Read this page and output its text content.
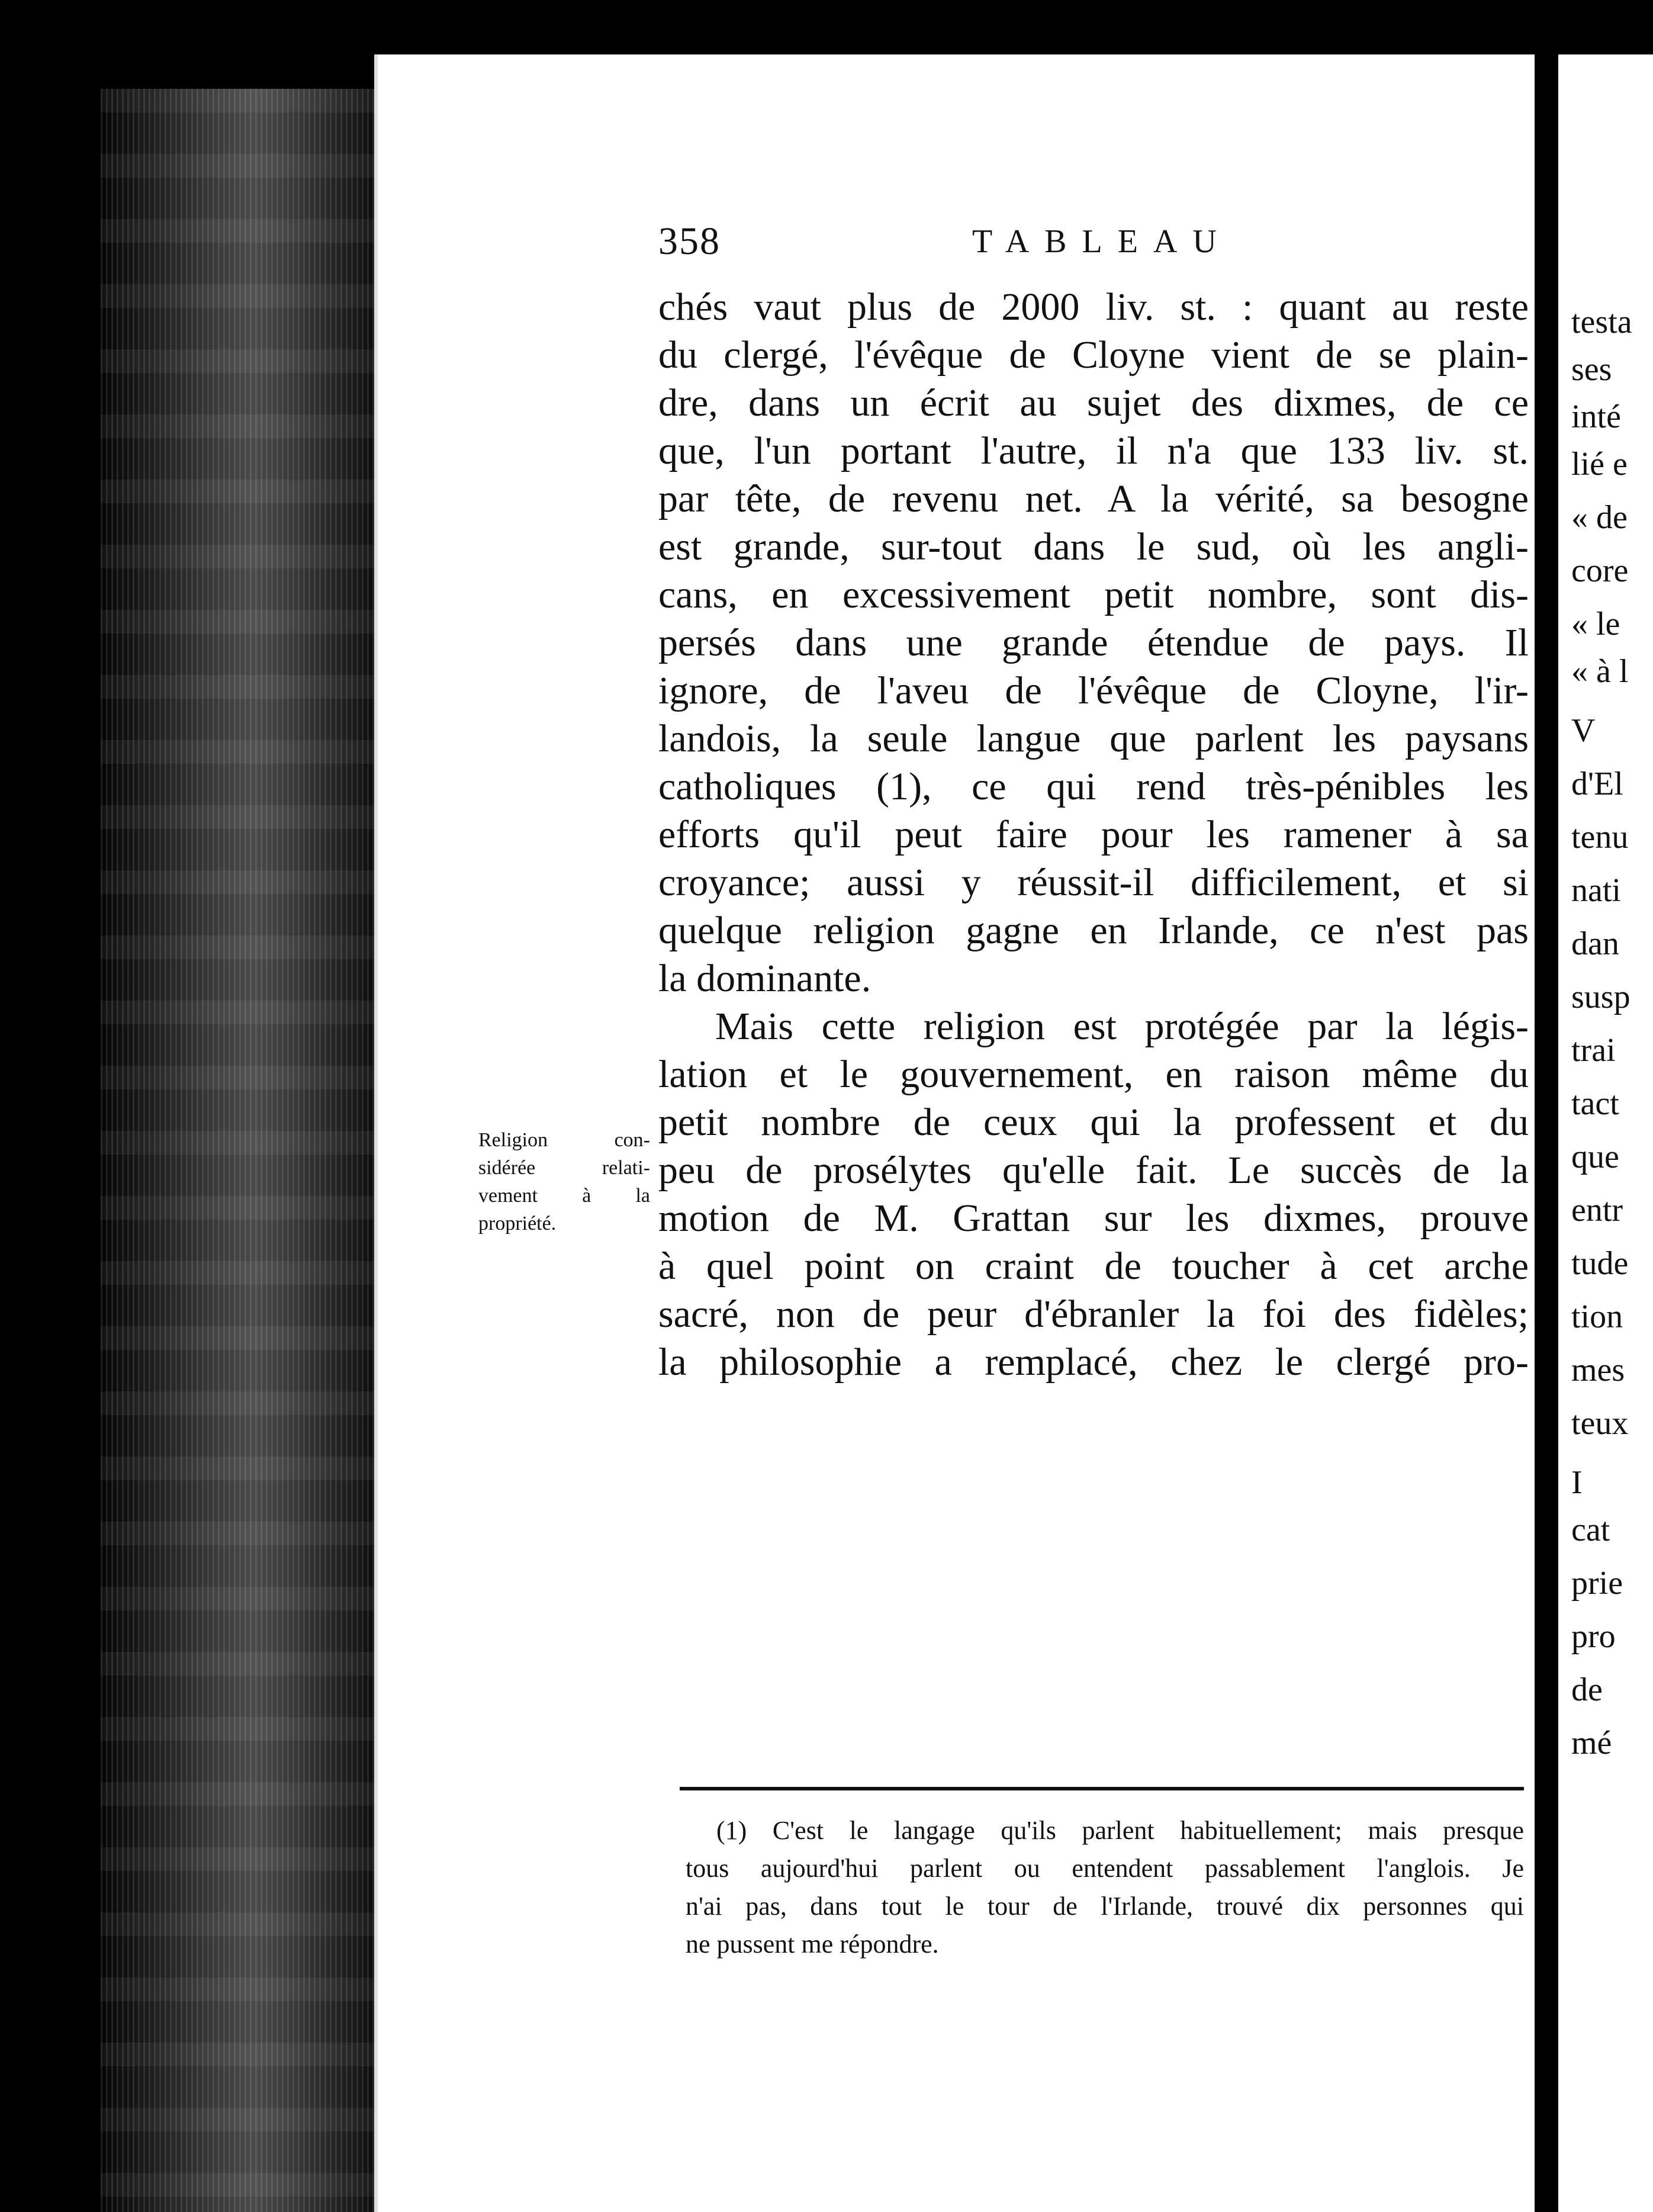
358	TABLEAU
chés vaut plus de 2000 liv. st. : quant au reste
du clergé, l'évêque de Cloyne vient de se plain-
dre, dans un écrit au sujet des dixmes, de ce
que, l'un portant l'autre, il n'a que 133 liv. st.
par tête, de revenu net. A la vérité, sa besogne
est grande, sur-tout dans le sud, où les angli-
cans, en excessivement petit nombre, sont dis-
persés dans une grande étendue de pays. Il
ignore, de l'aveu de l'évêque de Cloyne, l'ir-
landois, la seule langue que parlent les paysans
catholiques (1), ce qui rend très-pénibles les
efforts qu'il peut faire pour les ramener à sa
croyance; aussi y réussit-il difficilement, et si
quelque religion gagne en Irlande, ce n'est pas
la dominante.
Mais cette religion est protégée par la légis-
lation et le gouvernement, en raison même du
petit nombre de ceux qui la professent et du
peu de prosélytes qu'elle fait. Le succès de la
motion de M. Grattan sur les dixmes, prouve
à quel point on craint de toucher à cet arche
sacré, non de peur d'ébranler la foi des fidèles;
la philosophie a remplacé, chez le clergé pro-
Religion con-
sidérée relati-
vement à la
propriété.
(1) C'est le langage qu'ils parlent habituellement; mais presque
tous aujourd'hui parlent ou entendent passablement l'anglois. Je
n'ai pas, dans tout le tour de l'Irlande, trouvé dix personnes qui
ne pussent me répondre.
testa
ses
inté
lié e
« de
core
« le
« à l
V
d'El
tenu
nati
dan
susp
trai
tact
que
entr
tude
tion
mes
teux
I
cat
prie
pro
de
mé
